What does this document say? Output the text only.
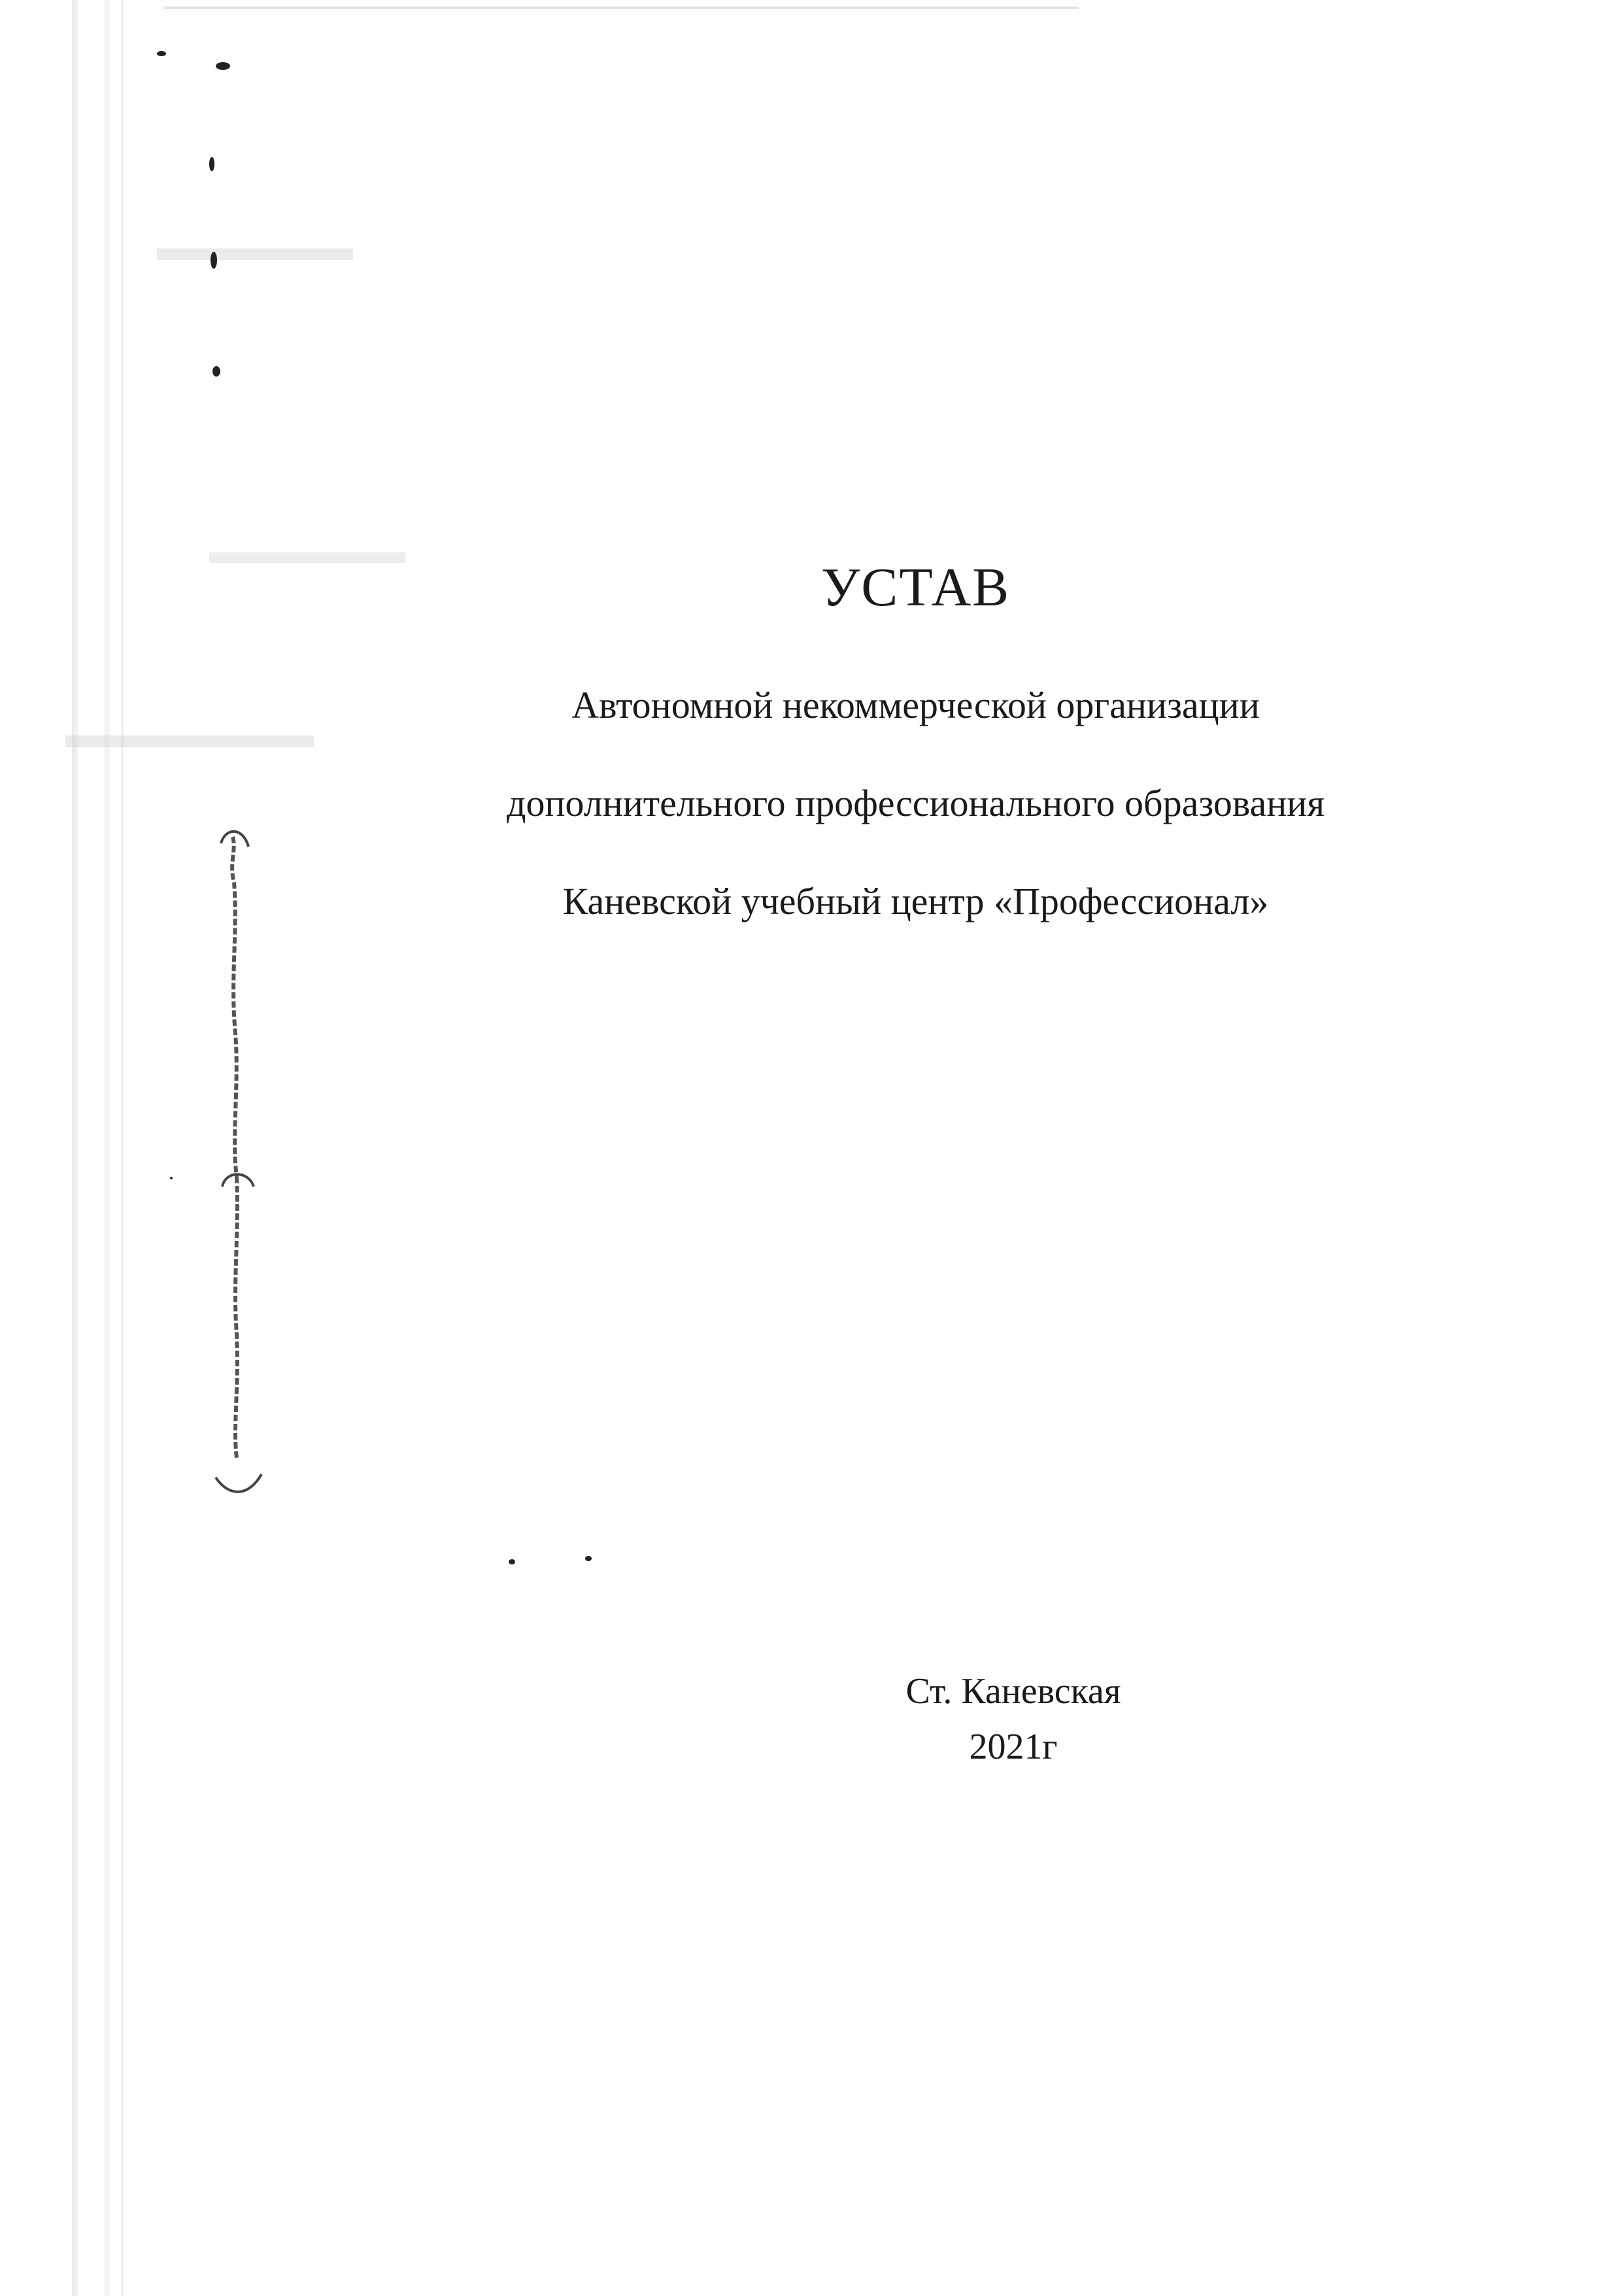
УСТАВ

Автономной некоммерческой организации

дополнительного профессионального образования

Каневской учебный центр «Профессионал»

Ст. Каневская

2021г
